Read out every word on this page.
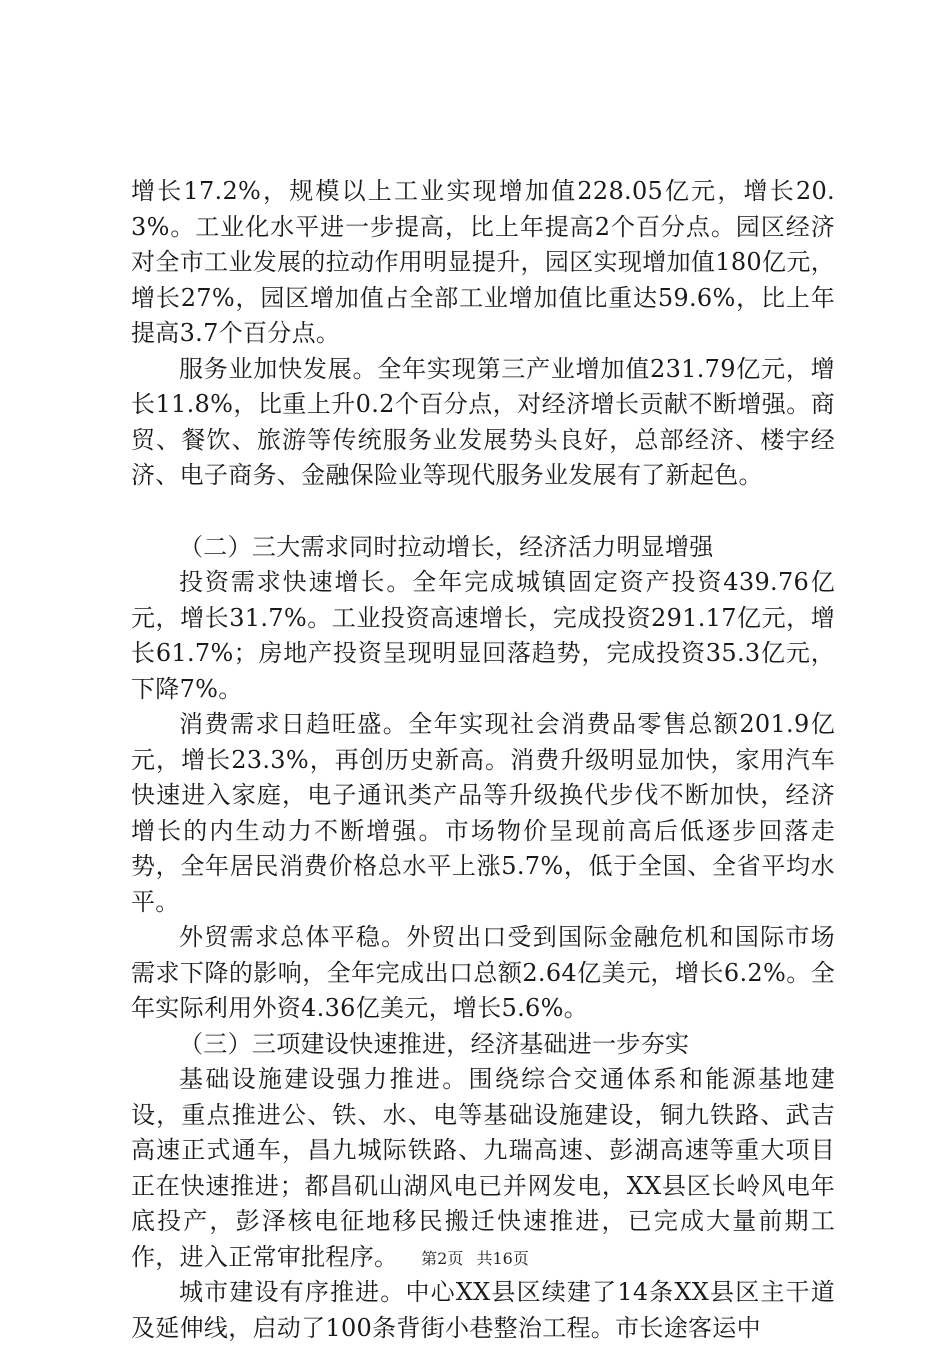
增长17.2%，规模以上工业实现增加值228.05亿元，增长20.3%。工业化水平进一步提高，比上年提高2个百分点。园区经济对全市工业发展的拉动作用明显提升，园区实现增加值180亿元，增长27%，园区增加值占全部工业增加值比重达59.6%，比上年提高3.7个百分点。

服务业加快发展。全年实现第三产业增加值231.79亿元，增长11.8%，比重上升0.2个百分点，对经济增长贡献不断增强。商贸、餐饮、旅游等传统服务业发展势头良好，总部经济、楼宇经济、电子商务、金融保险业等现代服务业发展有了新起色。

（二）三大需求同时拉动增长，经济活力明显增强

投资需求快速增长。全年完成城镇固定资产投资439.76亿元，增长31.7%。工业投资高速增长，完成投资291.17亿元，增长61.7%；房地产投资呈现明显回落趋势，完成投资35.3亿元，下降7%。

消费需求日趋旺盛。全年实现社会消费品零售总额201.9亿元，增长23.3%，再创历史新高。消费升级明显加快，家用汽车快速进入家庭，电子通讯类产品等升级换代步伐不断加快，经济增长的内生动力不断增强。市场物价呈现前高后低逐步回落走势，全年居民消费价格总水平上涨5.7%，低于全国、全省平均水平。

外贸需求总体平稳。外贸出口受到国际金融危机和国际市场需求下降的影响，全年完成出口总额2.64亿美元，增长6.2%。全年实际利用外资4.36亿美元，增长5.6%。

（三）三项建设快速推进，经济基础进一步夯实

基础设施建设强力推进。围绕综合交通体系和能源基地建设，重点推进公、铁、水、电等基础设施建设，铜九铁路、武吉高速正式通车，昌九城际铁路、九瑞高速、彭湖高速等重大项目正在快速推进；都昌矶山湖风电已并网发电，XX县区长岭风电年底投产，彭泽核电征地移民搬迁快速推进，已完成大量前期工作，进入正常审批程序。

城市建设有序推进。中心XX县区续建了14条XX县区主干道及延伸线，启动了100条背街小巷整治工程。市长途客运中

第2页 共16页
